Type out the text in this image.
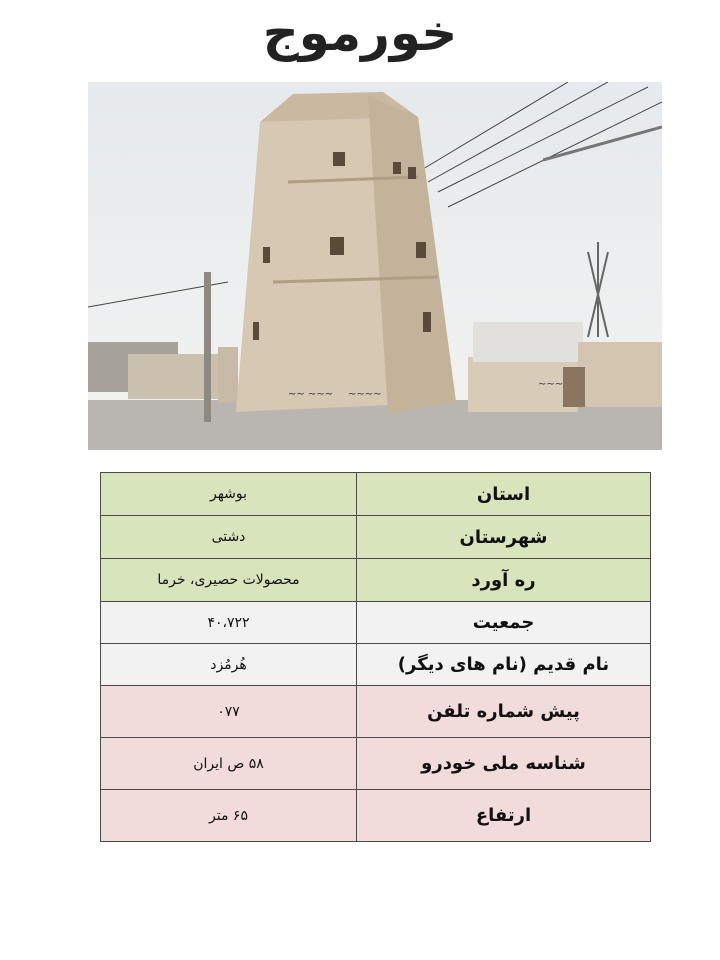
خورموج
~~ ~~~ ~~~~
~~~
استان	بوشهر
شهرستان	دشتی
ره آورد	محصولات حصیری، خرما
جمعیت	۴۰،۷۲۲
نام قدیم (نام های دیگر)	هُرمُزد
پیش شماره تلفن	۰۷۷
شناسه ملی خودرو	۵۸ ص ایران
ارتفاع	۶۵ متر
